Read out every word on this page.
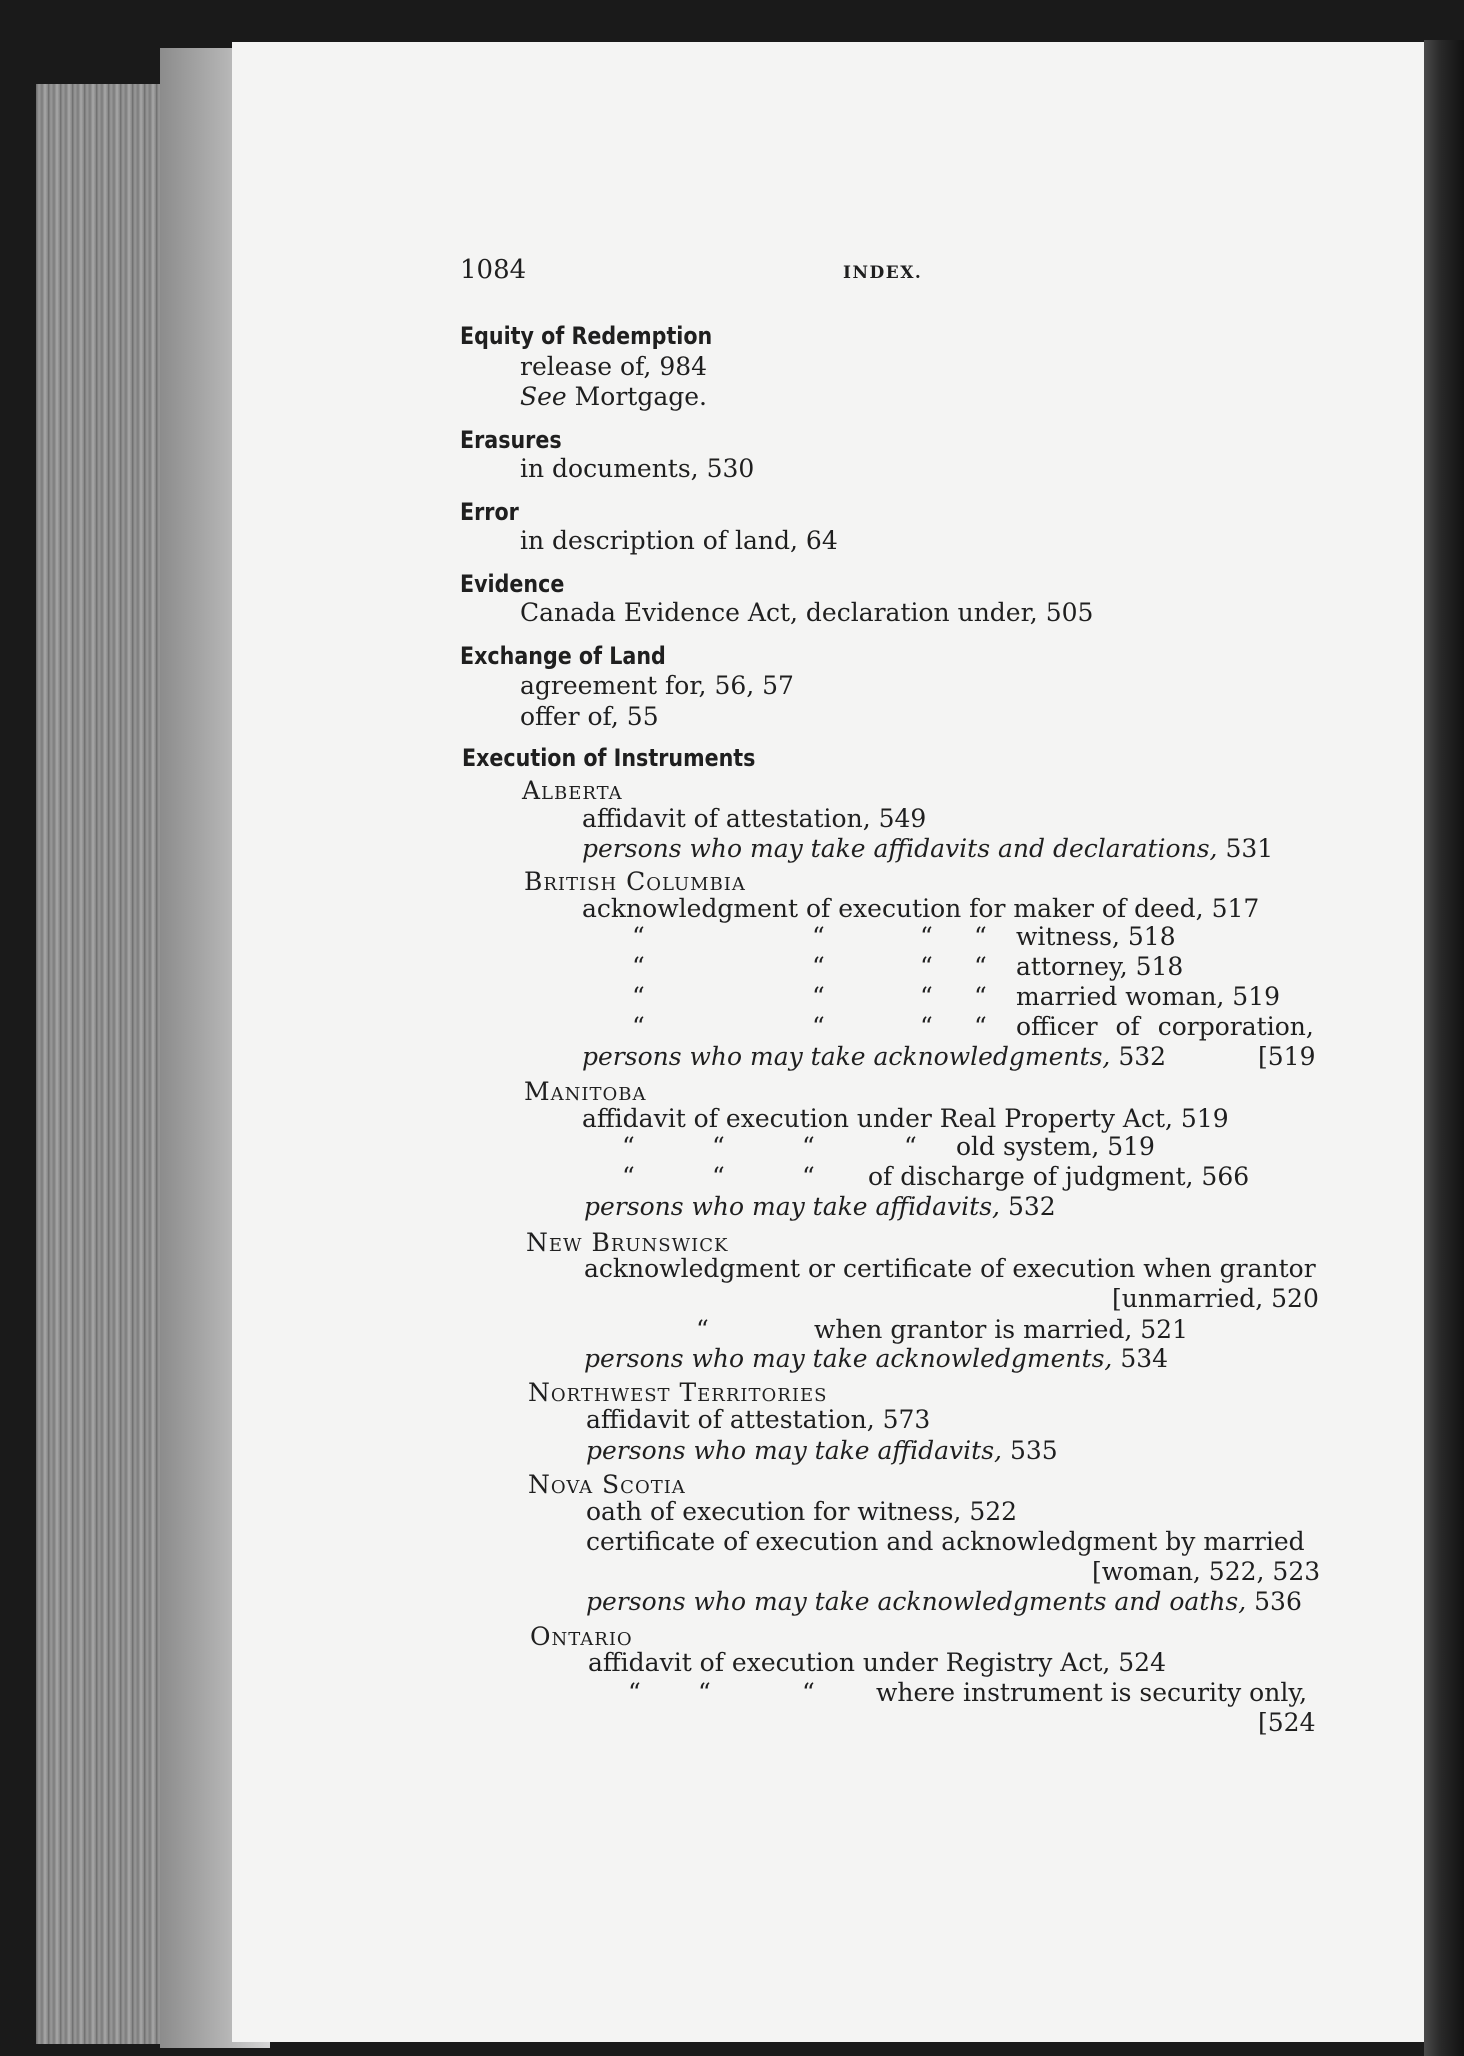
1084	INDEX.
Equity of Redemption
release of, 984
See Mortgage.
Erasures
in documents, 530
Error
in description of land, 64
Evidence
Canada Evidence Act, declaration under, 505
Exchange of Land
agreement for, 56, 57
offer of, 55
Execution of Instruments
Alberta
affidavit of attestation, 549
persons who may take affidavits and declarations, 531
British Columbia
acknowledgment of execution for maker of deed, 517
“	“	“ “ witness, 518
“	“	“ “ attorney, 518
“	“	“ “ married woman, 519
“	“	“ “ officer of corporation,
persons who may take acknowledgments, 532	[519
Manitoba
affidavit of execution under Real Property Act, 519
“	“	“	“ old system, 519
“	“	“ of discharge of judgment, 566
persons who may take affidavits, 532
New Brunswick
acknowledgment or certificate of execution when grantor
[unmarried, 520
“	when grantor is married, 521
persons who may take acknowledgments, 534
Northwest Territories
affidavit of attestation, 573
persons who may take affidavits, 535
Nova Scotia
oath of execution for witness, 522
certificate of execution and acknowledgment by married
[woman, 522, 523
persons who may take acknowledgments and oaths, 536
Ontario
affidavit of execution under Registry Act, 524
“ “	“ where instrument is security only,
[524
